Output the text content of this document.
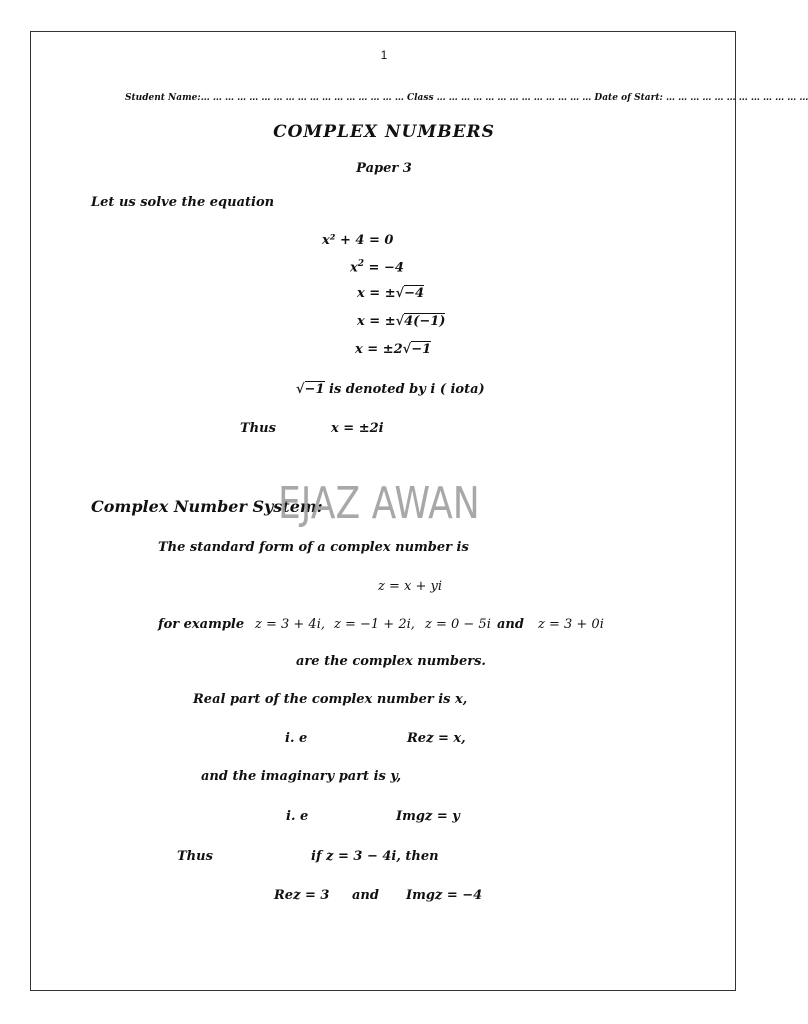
1
Student Name:… … … … … … … … … … … … … … … … … Class … … … … … … … … … … … … … Date of Start: … … … … … … … … … … … …
COMPLEX NUMBERS
Paper 3
Let us solve the equation
x² + 4 = 0
$x^2 = -4$
x = ±√−4
x = ±√4(−1)
x = ±2√−1
√−1 is denoted by i ( iota)
Thus	x = ±2i
Complex Number System:
EJAZ AWAN
The standard form of a complex number is
z = x + yi
for example z = 3 + 4i, z = −1 + 2i, z = 0 − 5i and z = 3 + 0i
are the complex numbers.
Real part of the complex number is x,
i. e	Rez = x,
and the imaginary part is y,
i. e	Imgz = y
Thus	if z = 3 − 4i, then
Rez = 3 and Imgz = −4
